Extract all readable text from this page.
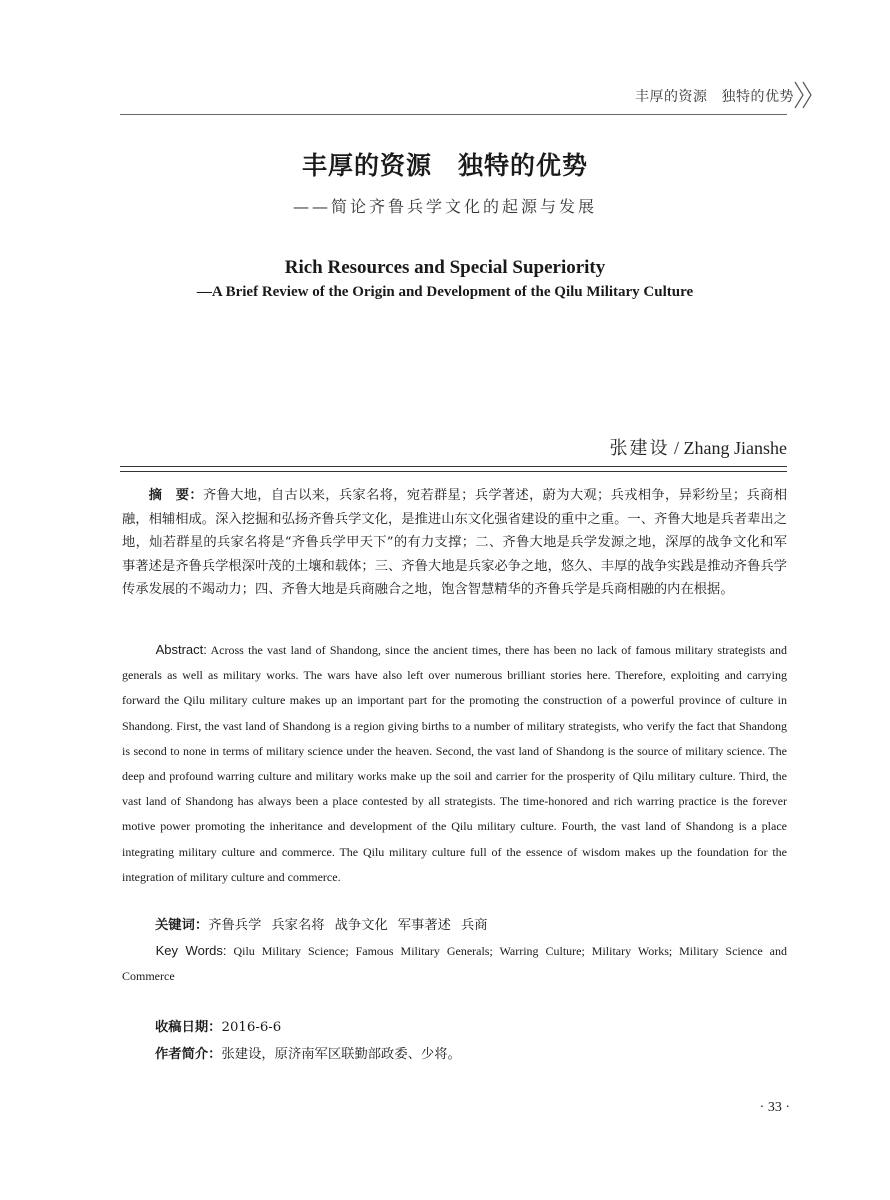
丰厚的资源 独特的优势
丰厚的资源　独特的优势
——简论齐鲁兵学文化的起源与发展
Rich Resources and Special Superiority
—A Brief Review of the Origin and Development of the Qilu Military Culture
张建设 / Zhang Jianshe
摘　要：齐鲁大地，自古以来，兵家名将，宛若群星；兵学著述，蔚为大观；兵戎相争，异彩纷呈；兵商相融，相辅相成。深入挖掘和弘扬齐鲁兵学文化，是推进山东文化强省建设的重中之重。一、齐鲁大地是兵者辈出之地，灿若群星的兵家名将是“齐鲁兵学甲天下”的有力支撑；二、齐鲁大地是兵学发源之地，深厚的战争文化和军事著述是齐鲁兵学根深叶茂的土壤和载体；三、齐鲁大地是兵家必争之地，悠久、丰厚的战争实践是推动齐鲁兵学传承发展的不竭动力；四、齐鲁大地是兵商融合之地，饱含智慧精华的齐鲁兵学是兵商相融的内在根据。
Abstract: Across the vast land of Shandong, since the ancient times, there has been no lack of famous military strategists and generals as well as military works. The wars have also left over numerous brilliant stories here. Therefore, exploiting and carrying forward the Qilu military culture makes up an important part for the promoting the construction of a powerful province of culture in Shandong. First, the vast land of Shandong is a region giving births to a number of military strategists, who verify the fact that Shandong is second to none in terms of military science under the heaven. Second, the vast land of Shandong is the source of military science. The deep and profound warring culture and military works make up the soil and carrier for the prosperity of Qilu military culture. Third, the vast land of Shandong has always been a place contested by all strategists. The time-honored and rich warring practice is the forever motive power promoting the inheritance and development of the Qilu military culture. Fourth, the vast land of Shandong is a place integrating military culture and commerce. The Qilu military culture full of the essence of wisdom makes up the foundation for the integration of military culture and commerce.
关键词：齐鲁兵学 兵家名将 战争文化 军事著述 兵商
Key Words: Qilu Military Science; Famous Military Generals; Warring Culture; Military Works; Military Science and Commerce
收稿日期：2016-6-6
作者简介：张建设，原济南军区联勤部政委、少将。
· 33 ·
